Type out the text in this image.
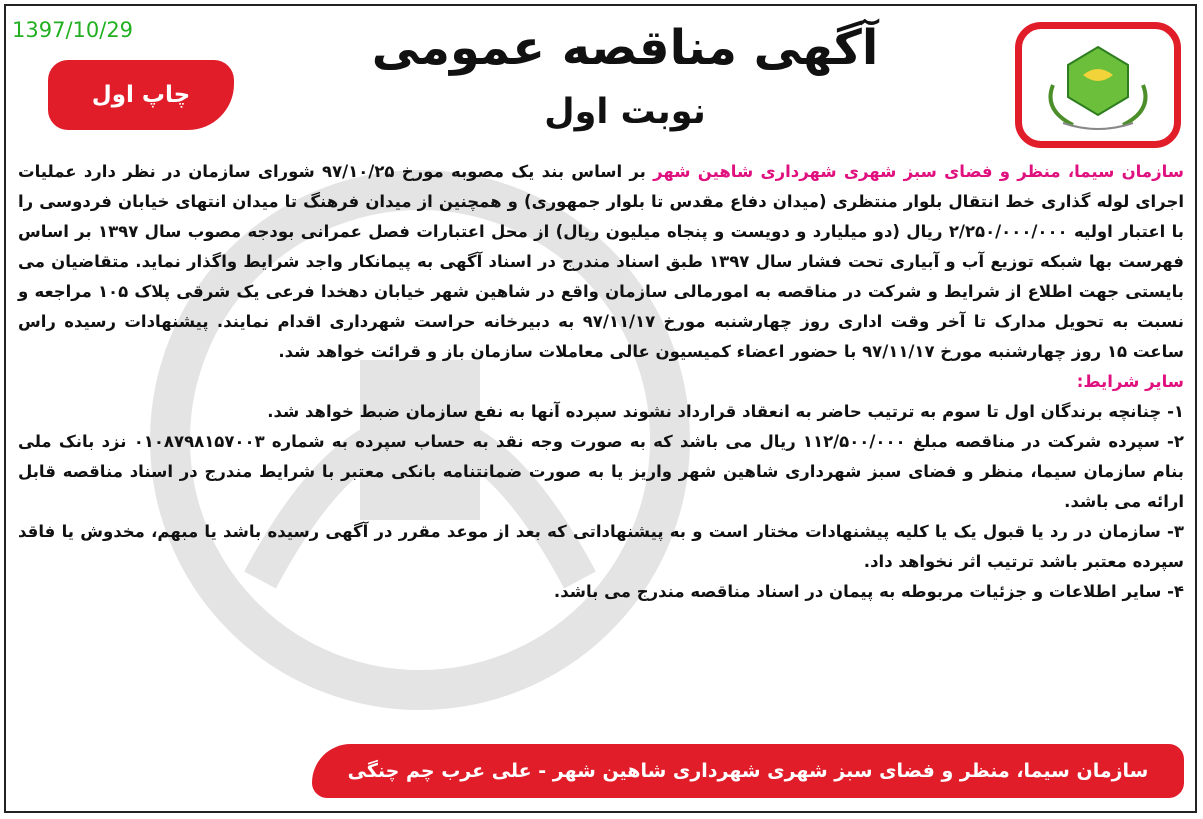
1397/10/29
چاپ اول
آگهی مناقصه عمومی
نوبت اول

سازمان سیما، منظر و فضای سبز شهری شهرداری شاهین شهر بر اساس بند یک مصوبه مورخ ۹۷/۱۰/۲۵ شورای سازمان در نظر دارد عملیات اجرای لوله گذاری خط انتقال بلوار منتظری (میدان دفاع مقدس تا بلوار جمهوری) و همچنین از میدان فرهنگ تا میدان انتهای خیابان فردوسی را با اعتبار اولیه ۲/۲۵۰/۰۰۰/۰۰۰ ریال (دو میلیارد و دویست و پنجاه میلیون ریال) از محل اعتبارات فصل عمرانی بودجه مصوب سال ۱۳۹۷ بر اساس فهرست بها شبکه توزیع آب و آبیاری تحت فشار سال ۱۳۹۷ طبق اسناد مندرج در اسناد آگهی به پیمانکار واجد شرایط واگذار نماید. متقاضیان می بایستی جهت اطلاع از شرایط و شرکت در مناقصه به امورمالی سازمان واقع در شاهین شهر خیابان دهخدا فرعی یک شرقی پلاک ۱۰۵ مراجعه و نسبت به تحویل مدارک تا آخر وقت اداری روز چهارشنبه مورخ ۹۷/۱۱/۱۷ به دبیرخانه حراست شهرداری اقدام نمایند. پیشنهادات رسیده راس ساعت ۱۵ روز چهارشنبه مورخ ۹۷/۱۱/۱۷ با حضور اعضاء کمیسیون عالی معاملات سازمان باز و قرائت خواهد شد.

سایر شرایط:

۱- چنانچه برندگان اول تا سوم به ترتیب حاضر به انعقاد قرارداد نشوند سپرده آنها به نفع سازمان ضبط خواهد شد.

۲- سپرده شرکت در مناقصه مبلغ ۱۱۲/۵۰۰/۰۰۰ ریال می باشد که به صورت وجه نقد به حساب سپرده به شماره ۰۱۰۸۷۹۸۱۵۷۰۰۳ نزد بانک ملی بنام سازمان سیما، منظر و فضای سبز شهرداری شاهین شهر واریز یا به صورت ضمانتنامه بانکی معتبر با شرایط مندرج در اسناد مناقصه قابل ارائه می باشد.

۳- سازمان در رد یا قبول یک یا کلیه پیشنهادات مختار است و به پیشنهاداتی که بعد از موعد مقرر در آگهی رسیده باشد یا مبهم، مخدوش یا فاقد سپرده معتبر باشد ترتیب اثر نخواهد داد.

۴- سایر اطلاعات و جزئیات مربوطه به پیمان در اسناد مناقصه مندرج می باشد.

سازمان سیما، منظر و فضای سبز شهری شهرداری شاهین شهر - علی عرب چم چنگی
